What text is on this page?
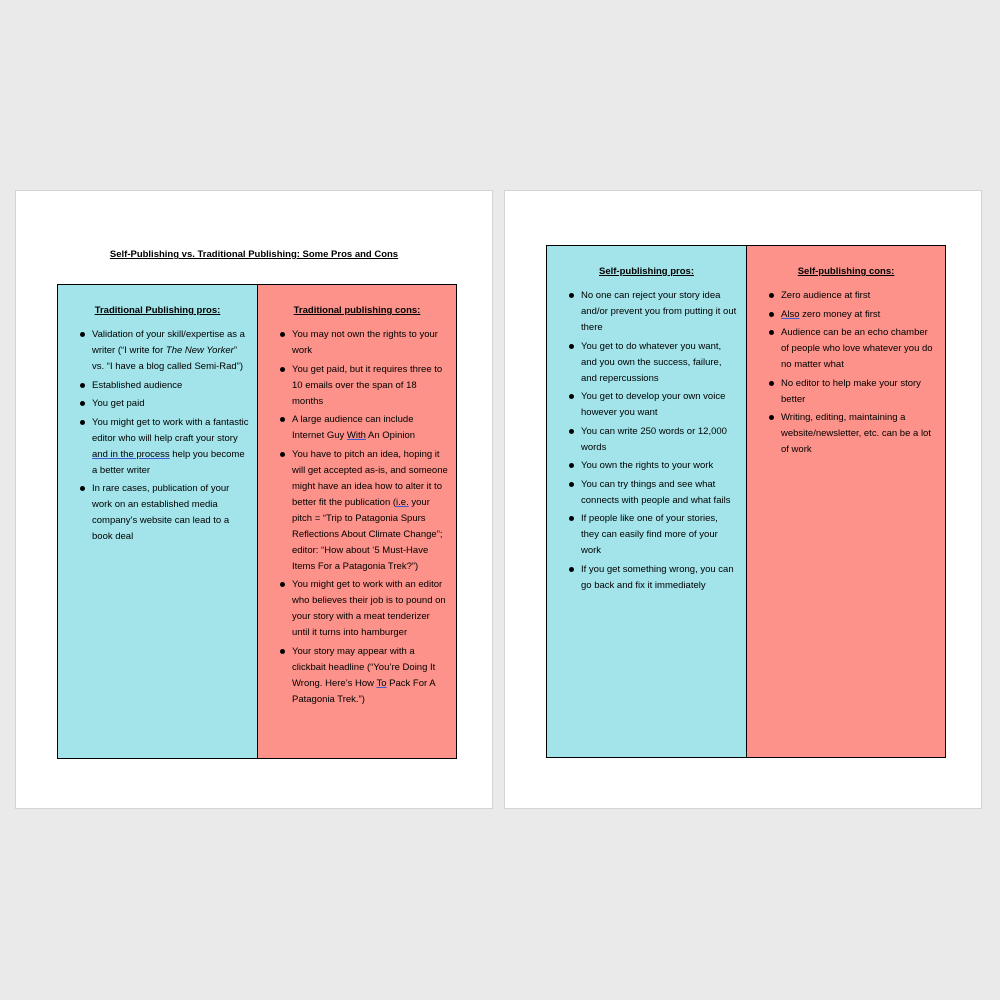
Self-Publishing vs. Traditional Publishing: Some Pros and Cons
Traditional Publishing pros:
Validation of your skill/expertise as a writer (“I write for The New Yorker” vs. “I have a blog called Semi-Rad”)
Established audience
You get paid
You might get to work with a fantastic editor who will help craft your story and in the process help you become a better writer
In rare cases, publication of your work on an established media company’s website can lead to a book deal
Traditional publishing cons:
You may not own the rights to your work
You get paid, but it requires three to 10 emails over the span of 18 months
A large audience can include Internet Guy With An Opinion
You have to pitch an idea, hoping it will get accepted as-is, and someone might have an idea how to alter it to better fit the publication (i.e. your pitch = “Trip to Patagonia Spurs Reflections About Climate Change”; editor: “How about ‘5 Must-Have Items For a Patagonia Trek?”)
You might get to work with an editor who believes their job is to pound on your story with a meat tenderizer until it turns into hamburger
Your story may appear with a clickbait headline (“You’re Doing It Wrong. Here’s How To Pack For A Patagonia Trek.”)
Self-publishing pros:
No one can reject your story idea and/or prevent you from putting it out there
You get to do whatever you want, and you own the success, failure, and repercussions
You get to develop your own voice however you want
You can write 250 words or 12,000 words
You own the rights to your work
You can try things and see what connects with people and what fails
If people like one of your stories, they can easily find more of your work
If you get something wrong, you can go back and fix it immediately
Self-publishing cons:
Zero audience at first
Also zero money at first
Audience can be an echo chamber of people who love whatever you do no matter what
No editor to help make your story better
Writing, editing, maintaining a website/newsletter, etc. can be a lot of work
